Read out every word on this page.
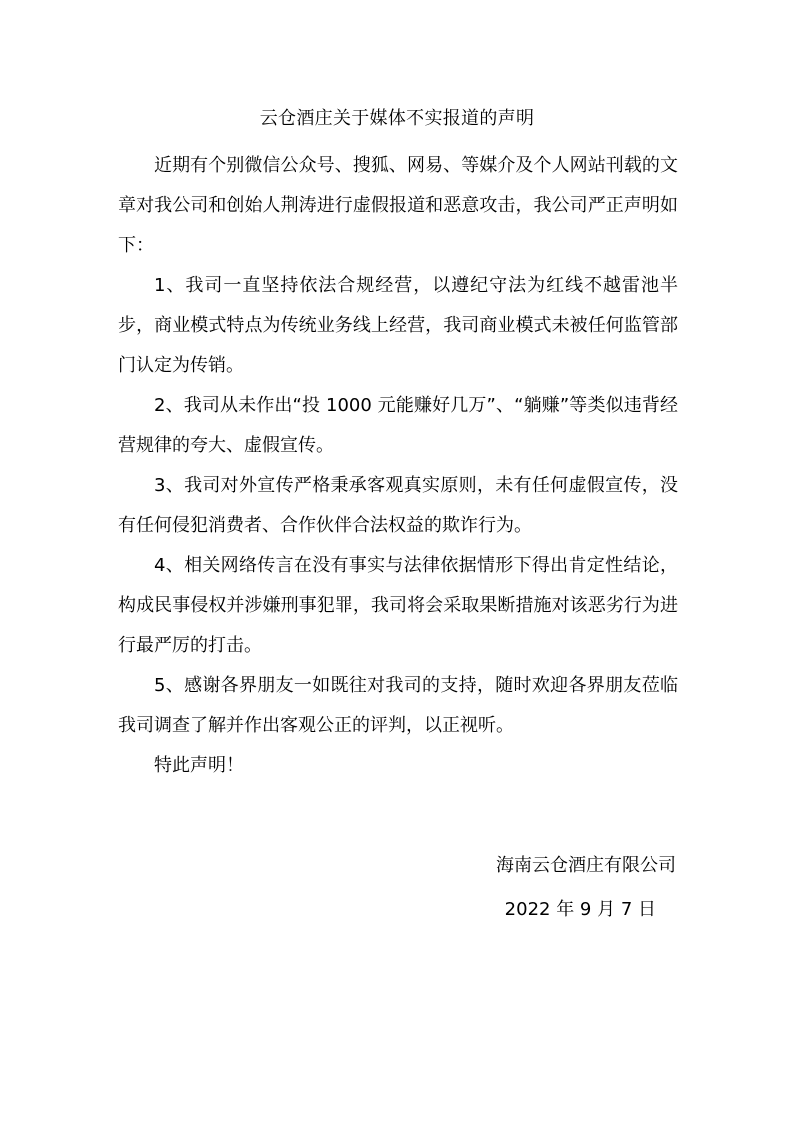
云仓酒庄关于媒体不实报道的声明

近期有个别微信公众号、搜狐、网易、等媒介及个人网站刊载的文章对我公司和创始人荆涛进行虚假报道和恶意攻击，我公司严正声明如下：

1、我司一直坚持依法合规经营，以遵纪守法为红线不越雷池半步，商业模式特点为传统业务线上经营，我司商业模式未被任何监管部门认定为传销。

2、我司从未作出“投 1000 元能赚好几万”、“躺赚”等类似违背经营规律的夸大、虚假宣传。

3、我司对外宣传严格秉承客观真实原则，未有任何虚假宣传，没有任何侵犯消费者、合作伙伴合法权益的欺诈行为。

4、相关网络传言在没有事实与法律依据情形下得出肯定性结论，构成民事侵权并涉嫌刑事犯罪，我司将会采取果断措施对该恶劣行为进行最严厉的打击。

5、感谢各界朋友一如既往对我司的支持，随时欢迎各界朋友莅临我司调查了解并作出客观公正的评判，以正视听。

特此声明！

海南云仓酒庄有限公司
2022 年 9 月 7 日
